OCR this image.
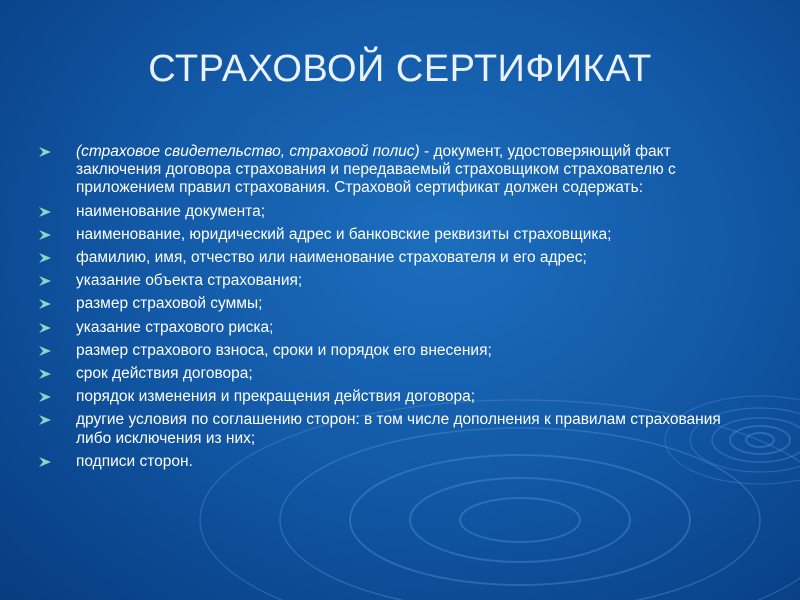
СТРАХОВОЙ СЕРТИФИКАТ
(страховое свидетельство, страховой полис) - документ, удостоверяющий факт заключения договора страхования и передаваемый страховщиком страхователю с приложением правил страхования. Страховой сертификат должен содержать:
наименование документа;
наименование, юридический адрес и банковские реквизиты страховщика;
фамилию, имя, отчество или наименование страхователя и его адрес;
указание объекта страхования;
размер страховой суммы;
указание страхового риска;
размер страхового взноса, сроки и порядок его внесения;
срок действия договора;
порядок изменения и прекращения действия договора;
другие условия по соглашению сторон: в том числе дополнения к правилам страхования либо исключения из них;
подписи сторон.
